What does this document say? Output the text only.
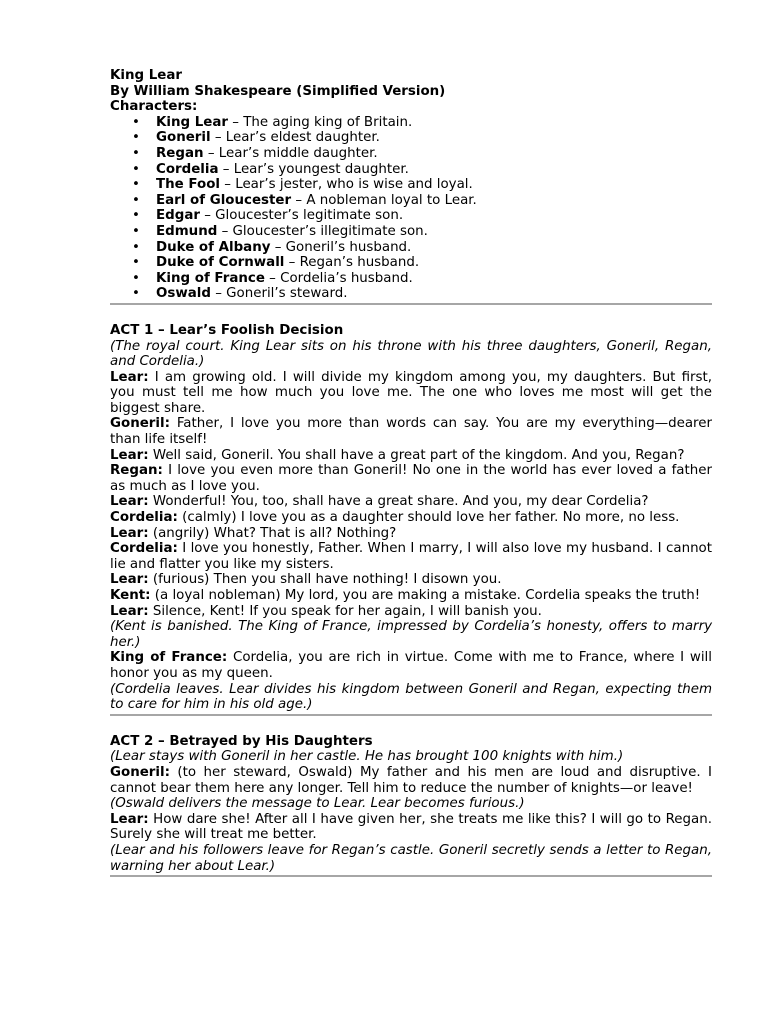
King Lear
By William Shakespeare (Simplified Version)
Characters:
• King Lear – The aging king of Britain.
• Goneril – Lear’s eldest daughter.
• Regan – Lear’s middle daughter.
• Cordelia – Lear’s youngest daughter.
• The Fool – Lear’s jester, who is wise and loyal.
• Earl of Gloucester – A nobleman loyal to Lear.
• Edgar – Gloucester’s legitimate son.
• Edmund – Gloucester’s illegitimate son.
• Duke of Albany – Goneril’s husband.
• Duke of Cornwall – Regan’s husband.
• King of France – Cordelia’s husband.
• Oswald – Goneril’s steward.
ACT 1 – Lear’s Foolish Decision
(The royal court. King Lear sits on his throne with his three daughters, Goneril, Regan, and Cordelia.)
Lear: I am growing old. I will divide my kingdom among you, my daughters. But first, you must tell me how much you love me. The one who loves me most will get the biggest share.
Goneril: Father, I love you more than words can say. You are my everything—dearer than life itself!
Lear: Well said, Goneril. You shall have a great part of the kingdom. And you, Regan?
Regan: I love you even more than Goneril! No one in the world has ever loved a father as much as I love you.
Lear: Wonderful! You, too, shall have a great share. And you, my dear Cordelia?
Cordelia: (calmly) I love you as a daughter should love her father. No more, no less.
Lear: (angrily) What? That is all? Nothing?
Cordelia: I love you honestly, Father. When I marry, I will also love my husband. I cannot lie and flatter you like my sisters.
Lear: (furious) Then you shall have nothing! I disown you.
Kent: (a loyal nobleman) My lord, you are making a mistake. Cordelia speaks the truth!
Lear: Silence, Kent! If you speak for her again, I will banish you.
(Kent is banished. The King of France, impressed by Cordelia’s honesty, offers to marry her.)
King of France: Cordelia, you are rich in virtue. Come with me to France, where I will honor you as my queen.
(Cordelia leaves. Lear divides his kingdom between Goneril and Regan, expecting them to care for him in his old age.)
ACT 2 – Betrayed by His Daughters
(Lear stays with Goneril in her castle. He has brought 100 knights with him.)
Goneril: (to her steward, Oswald) My father and his men are loud and disruptive. I cannot bear them here any longer. Tell him to reduce the number of knights—or leave!
(Oswald delivers the message to Lear. Lear becomes furious.)
Lear: How dare she! After all I have given her, she treats me like this? I will go to Regan. Surely she will treat me better.
(Lear and his followers leave for Regan’s castle. Goneril secretly sends a letter to Regan, warning her about Lear.)
